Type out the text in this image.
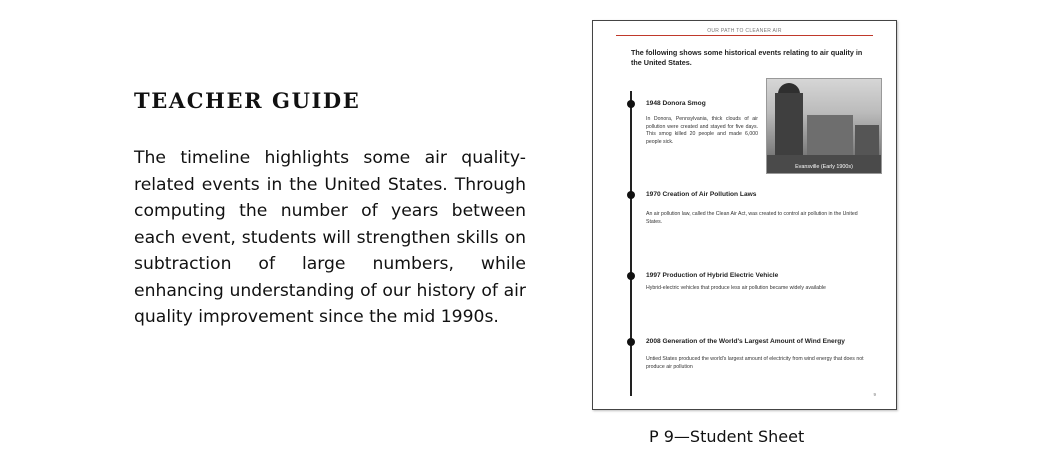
TEACHER GUIDE

The timeline highlights some air quality-related events in the United States. Through computing the number of years between each event, students will strengthen skills on subtraction of large numbers, while enhancing understanding of our history of air quality improvement since the mid 1990s.

OUR PATH TO CLEANER AIR

The following shows some historical events relating to air quality in the United States.

1948 Donora Smog

In Donora, Pennsylvania, thick clouds of air pollution were created and stayed for five days. This smog killed 20 people and made 6,000 people sick.

Evansville (Early 1900s)
1970 Creation of Air Pollution Laws

An air pollution law, called the Clean Air Act, was created to control air pollution in the United States.

1997 Production of Hybrid Electric Vehicle

Hybrid-electric vehicles that produce less air pollution became widely available

2008 Generation of the World's Largest Amount of Wind Energy

Untied States produced the world's largest amount of electricity from wind energy that does not produce air pollution

9
P 9—Student Sheet
